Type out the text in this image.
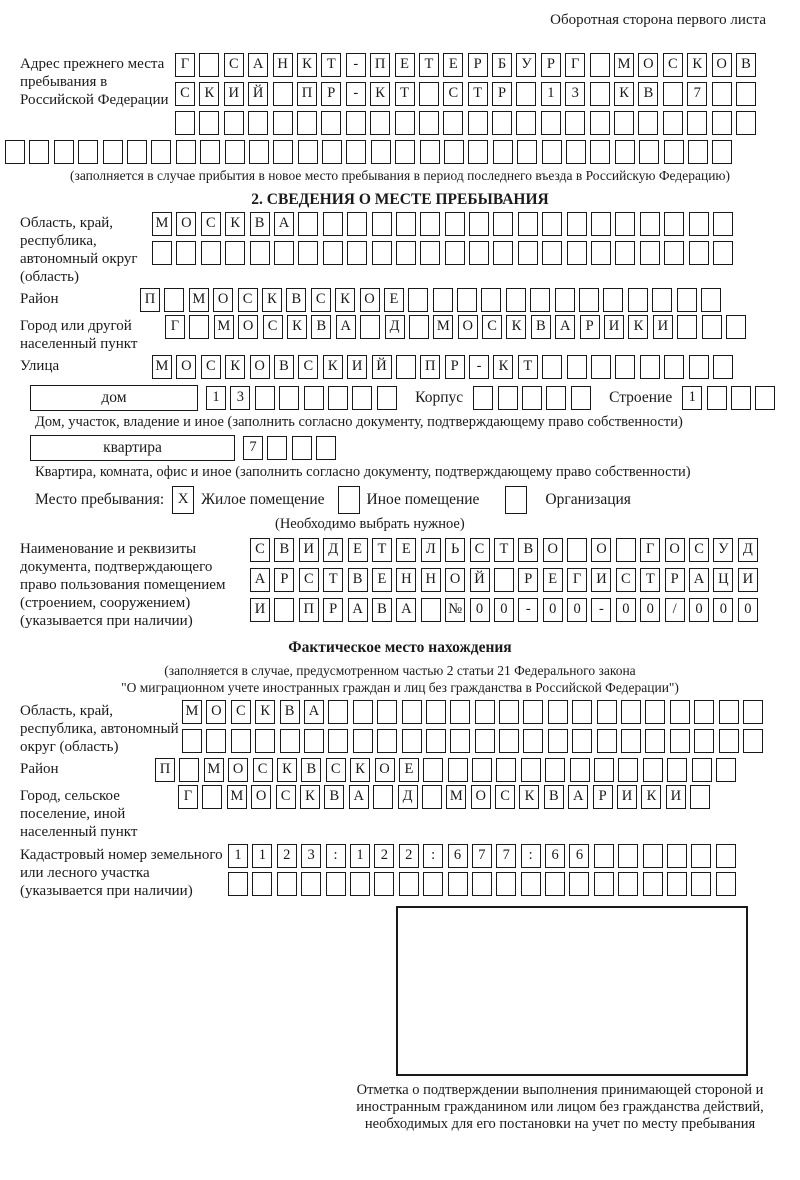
Оборотная сторона первого листа
Адрес прежнего места пребывания в Российской Федерации
Г	С А Н К	Т	-	П	Е	Т	Е	Р	Б	У	Р	Г	М О С	К О В
С	К И Й	П	Р	-	К	Т	С	Т	Р	1	3	К	В	7
(заполняется в случае прибытия в новое место пребывания в период последнего въезда в Российскую Федерацию)
2. СВЕДЕНИЯ О МЕСТЕ ПРЕБЫВАНИЯ
Область, край, республика, автономный округ (область)
М О С	К	В А
Район	П	М О С	К	В	С	К О	Е
Город или другой населенный пункт
Г	М О С	К	В А	Д	М О С	К	В А	Р	И К И
Улица	М О С	К О В	С	К И Й	П	Р	-	К	Т
дом	1	3	Корпус	Строение	1
Дом, участок, владение и иное (заполнить согласно документу, подтверждающему право собственности)
квартира	7
Квартира, комната, офис и иное (заполнить согласно документу, подтверждающему право собственности)
Место пребывания: X Жилое помещение	Иное помещение	Организация
(Необходимо выбрать нужное)
Наименование и реквизиты документа, подтверждающего право пользования помещением (строением, сооружением) (указывается при наличии)
С	В И Д	Е	Т	Е	Л	Ь	С	Т	В О	О	Г	О С У Д
А	Р	С	Т	В	Е	Н Н О Й	Р	Е	Г	И С	Т	Р	А Ц И
И	П	Р	А В А	№ 0	0	-	0	0	-	0	0	/	0	0	0
Фактическое место нахождения
(заполняется в случае, предусмотренном частью 2 статьи 21 Федерального закона
"О миграционном учете иностранных граждан и лиц без гражданства в Российской Федерации")
Область, край, республика, автономный округ (область)
М О С	К	В А
Район	П	М О С	К	В	С	К О	Е
Город, сельское поселение, иной населенный пункт
Г	М О С	К	В А	Д	М О С	К	В А	Р	И К И
Кадастровый номер земельного или лесного участка (указывается при наличии)
1	1	2	3	:	1	2	2	:	6	7	7	:	6	6
Отметка о подтверждении выполнения принимающей стороной и иностранным гражданином или лицом без гражданства действий, необходимых для его постановки на учет по месту пребывания
